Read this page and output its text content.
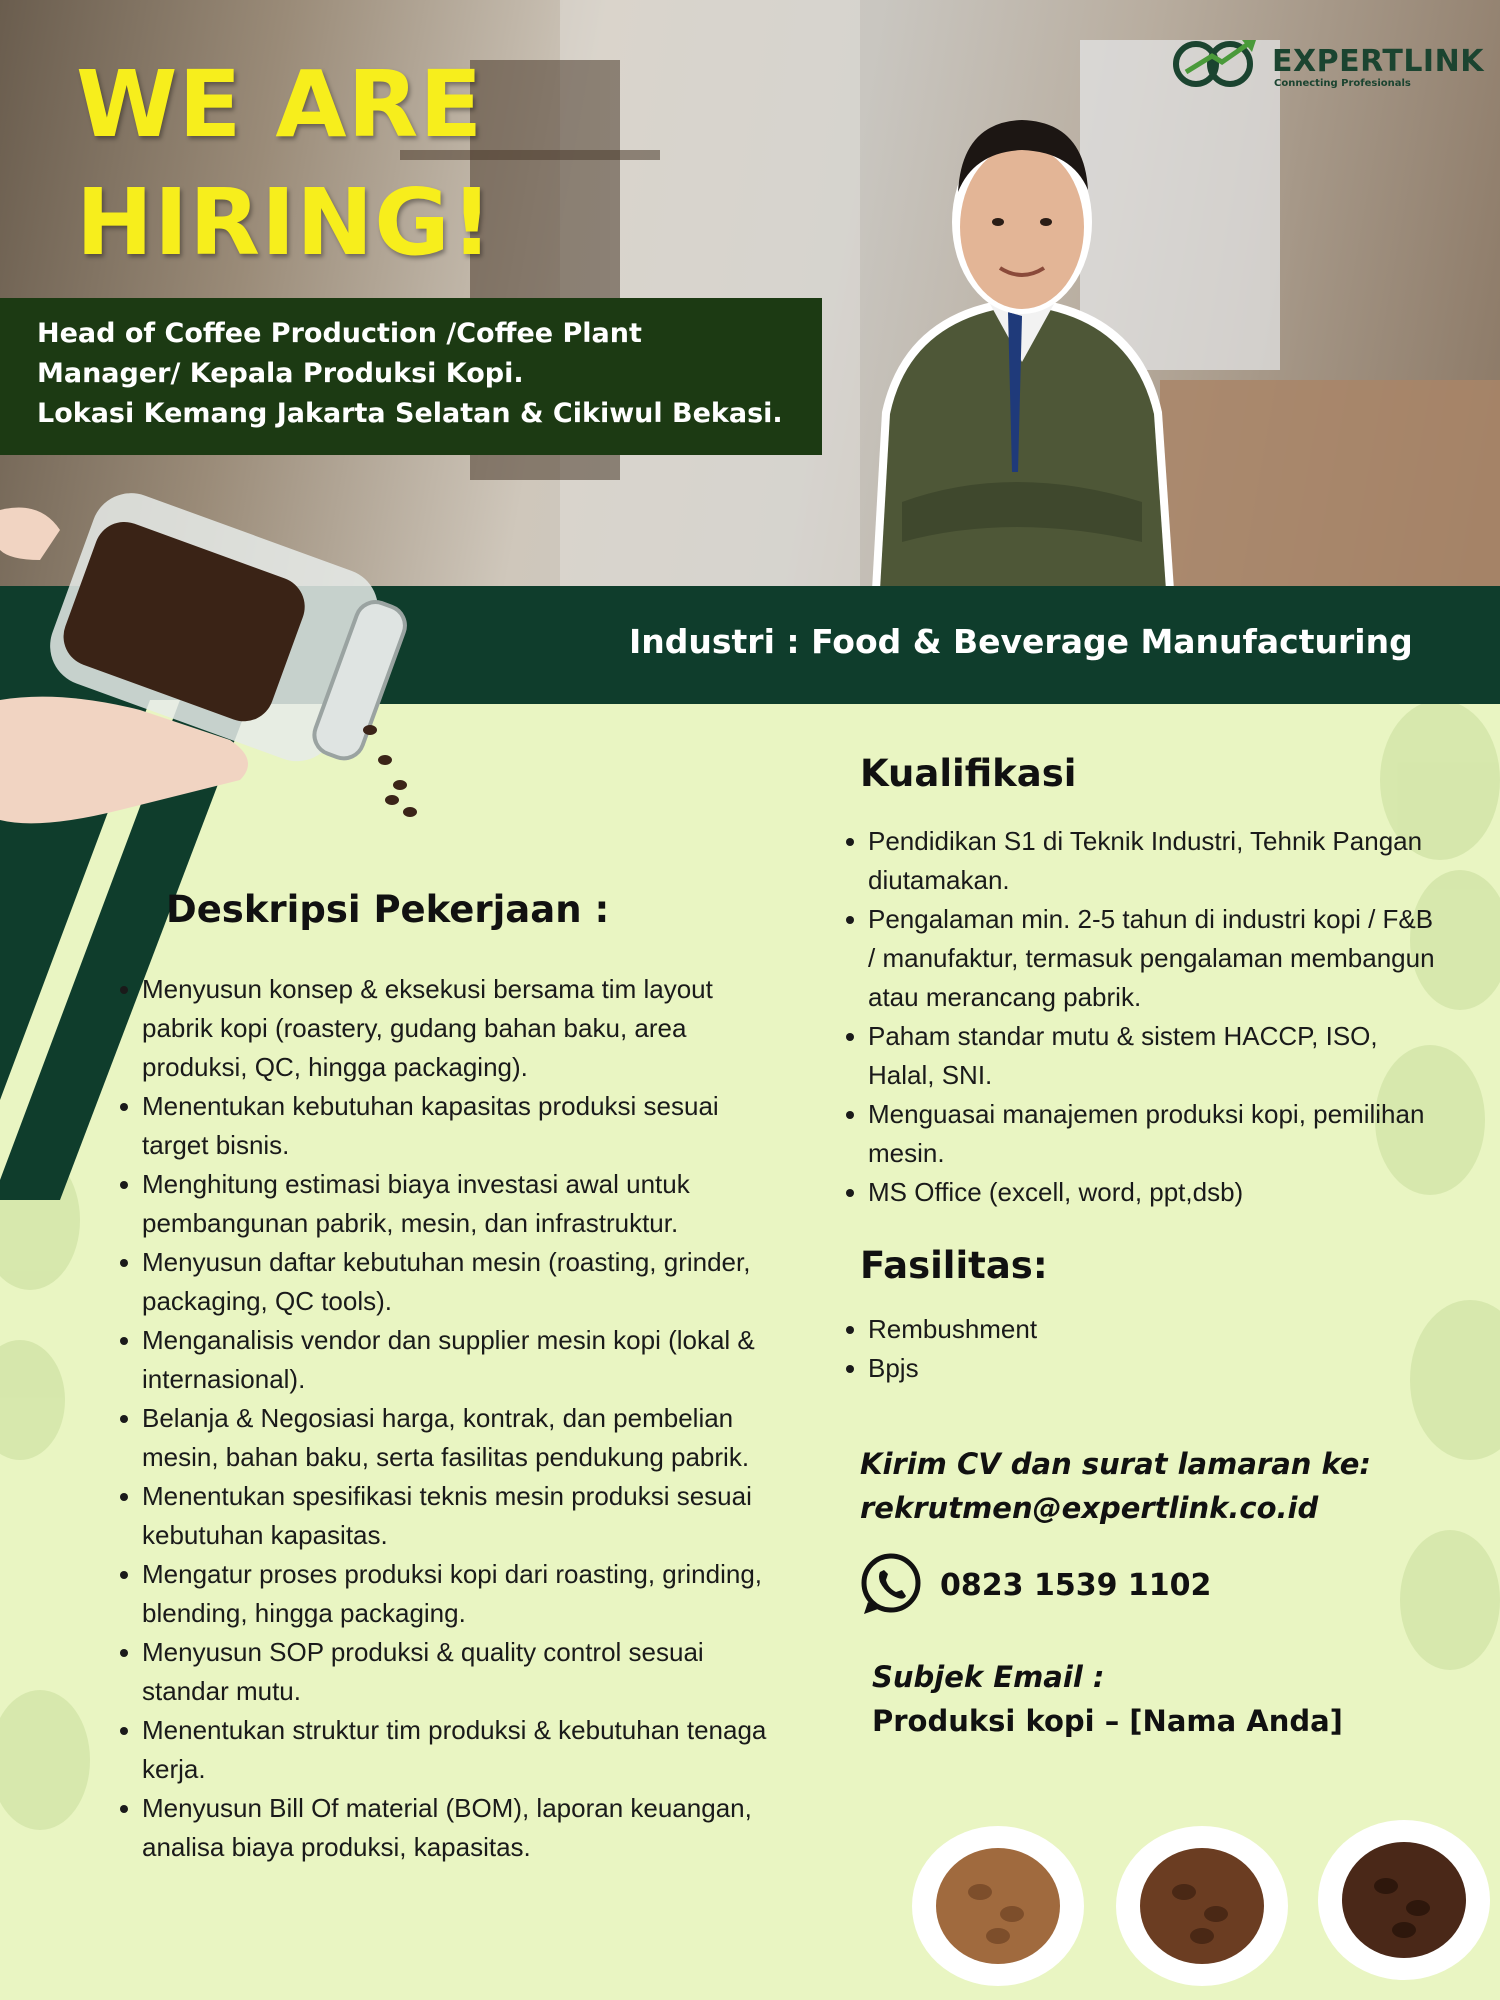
WE ARE
HIRING!

Head of Coffee Production /Coffee Plant

Manager/ Kepala Produksi Kopi.

Lokasi Kemang Jakarta Selatan & Cikiwul Bekasi.

EXPERTLINK
Connecting Profesionals
Industri : Food & Beverage Manufacturing
Deskripsi Pekerjaan :
Menyusun konsep & eksekusi bersama tim layout pabrik kopi (roastery, gudang bahan baku, area produksi, QC, hingga packaging).
Menentukan kebutuhan kapasitas produksi sesuai target bisnis.
Menghitung estimasi biaya investasi awal untuk pembangunan pabrik, mesin, dan infrastruktur.
Menyusun daftar kebutuhan mesin (roasting, grinder, packaging, QC tools).
Menganalisis vendor dan supplier mesin kopi (lokal & internasional).
Belanja & Negosiasi harga, kontrak, dan pembelian mesin, bahan baku, serta fasilitas pendukung pabrik.
Menentukan spesifikasi teknis mesin produksi sesuai kebutuhan kapasitas.
Mengatur proses produksi kopi dari roasting, grinding, blending, hingga packaging.
Menyusun SOP produksi & quality control sesuai standar mutu.
Menentukan struktur tim produksi & kebutuhan tenaga kerja.
Menyusun Bill Of material (BOM), laporan keuangan, analisa biaya produksi, kapasitas.
Kualifikasi
Pendidikan S1 di Teknik Industri, Tehnik Pangan diutamakan.
Pengalaman min. 2-5 tahun di industri kopi / F&B / manufaktur, termasuk pengalaman membangun atau merancang pabrik.
Paham standar mutu & sistem HACCP, ISO, Halal, SNI.
Menguasai manajemen produksi kopi, pemilihan mesin.
MS Office (excell, word, ppt,dsb)
Fasilitas:
Rembushment
Bpjs

Kirim CV dan surat lamaran ke:
rekrutmen@expertlink.co.id

0823 1539 1102
Subjek Email :
Produksi kopi – [Nama Anda]
